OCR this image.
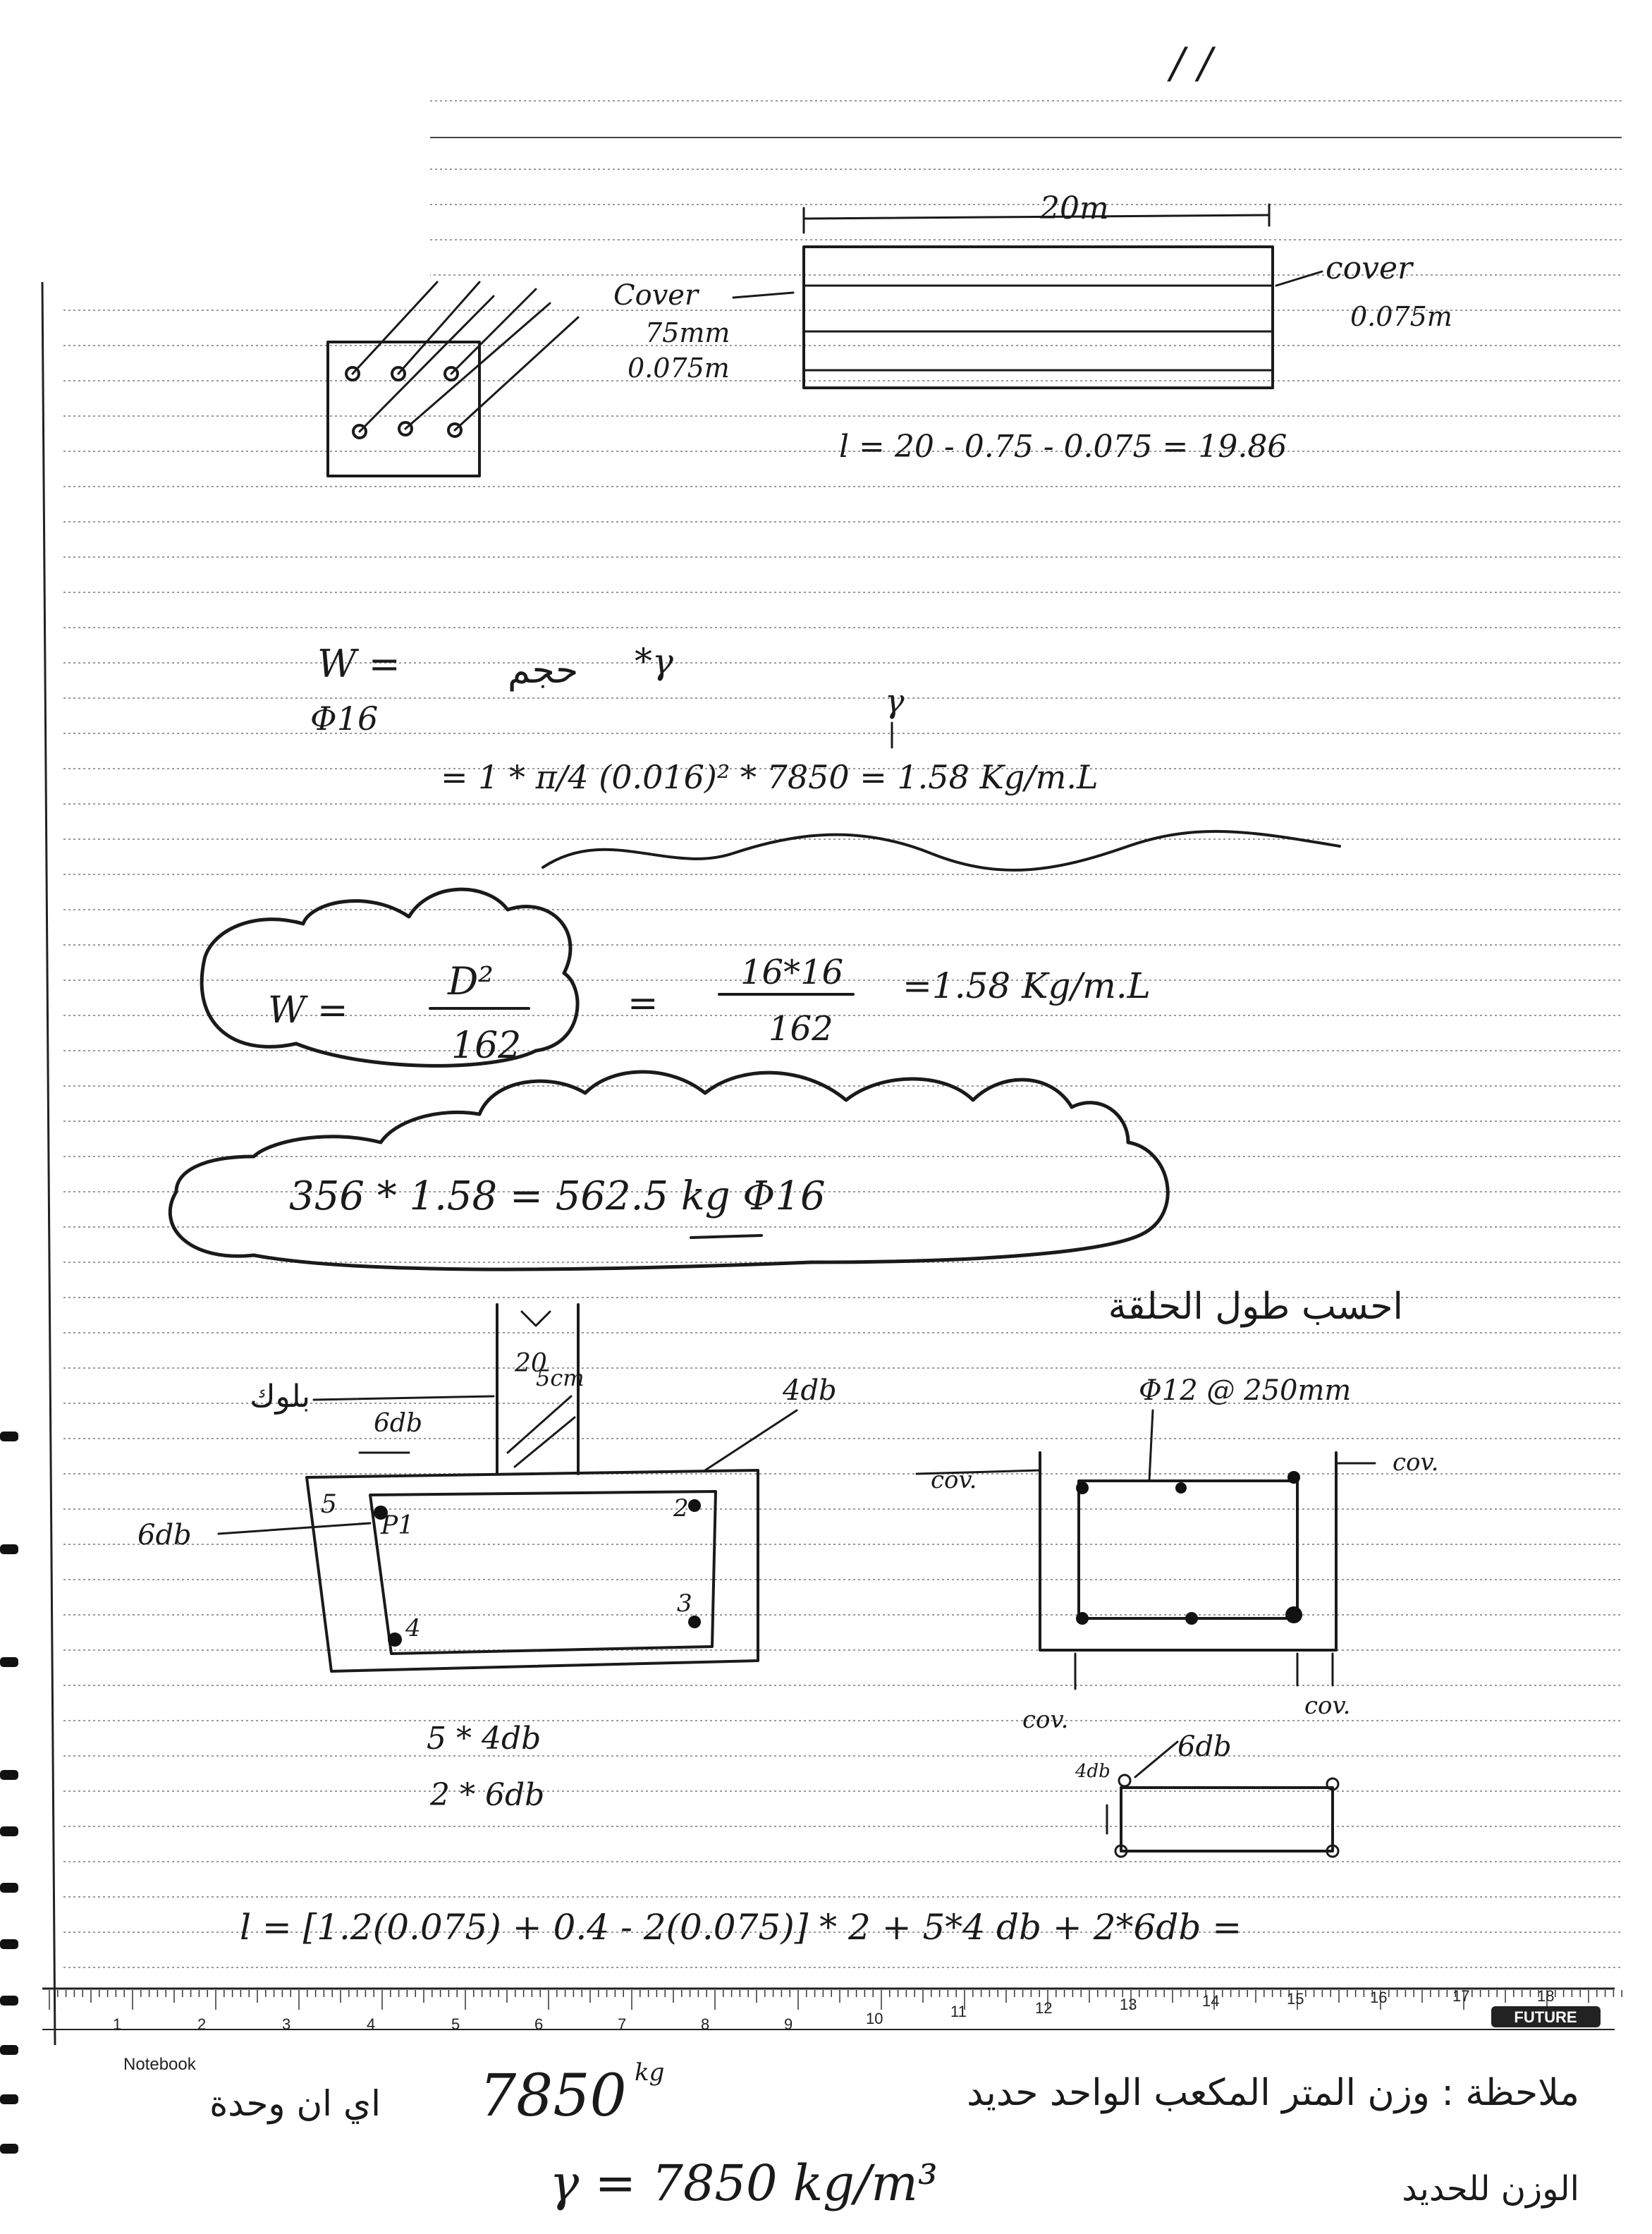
/ /
Cover
75mm
0.075m
20m
cover
0.075m
l = 20 - 0.75 - 0.075 = 19.86
W =	حجم *γ
Φ16	γ
= 1 * π/4 (0.016)² * 7850 = 1.58 Kg/m.L
W =
D²
162
=
16*16
162
=1.58 Kg/m.L
356 * 1.58 = 562.5 kg Φ16
احسب طول الحلقة
20
5cm
بلوك	4db
6db
6db
5
P1
2
3
4
Φ12 @ 250mm
cov.
cov.
cov.	cov.
4db
6db
5 * 4db
2 * 6db
l = [1.2(0.075) + 0.4 - 2(0.075)] * 2 + 5*4 db + 2*6db =
1	2	3	4	5	6	7	8	9	10	11	12	13	14	15	16	17	18
FUTURE
Notebook
ملاحظة : وزن المتر المكعب الواحد حديد
7850 kg
اي ان وحدة
الوزن للحديد
γ = 7850 kg/m³
